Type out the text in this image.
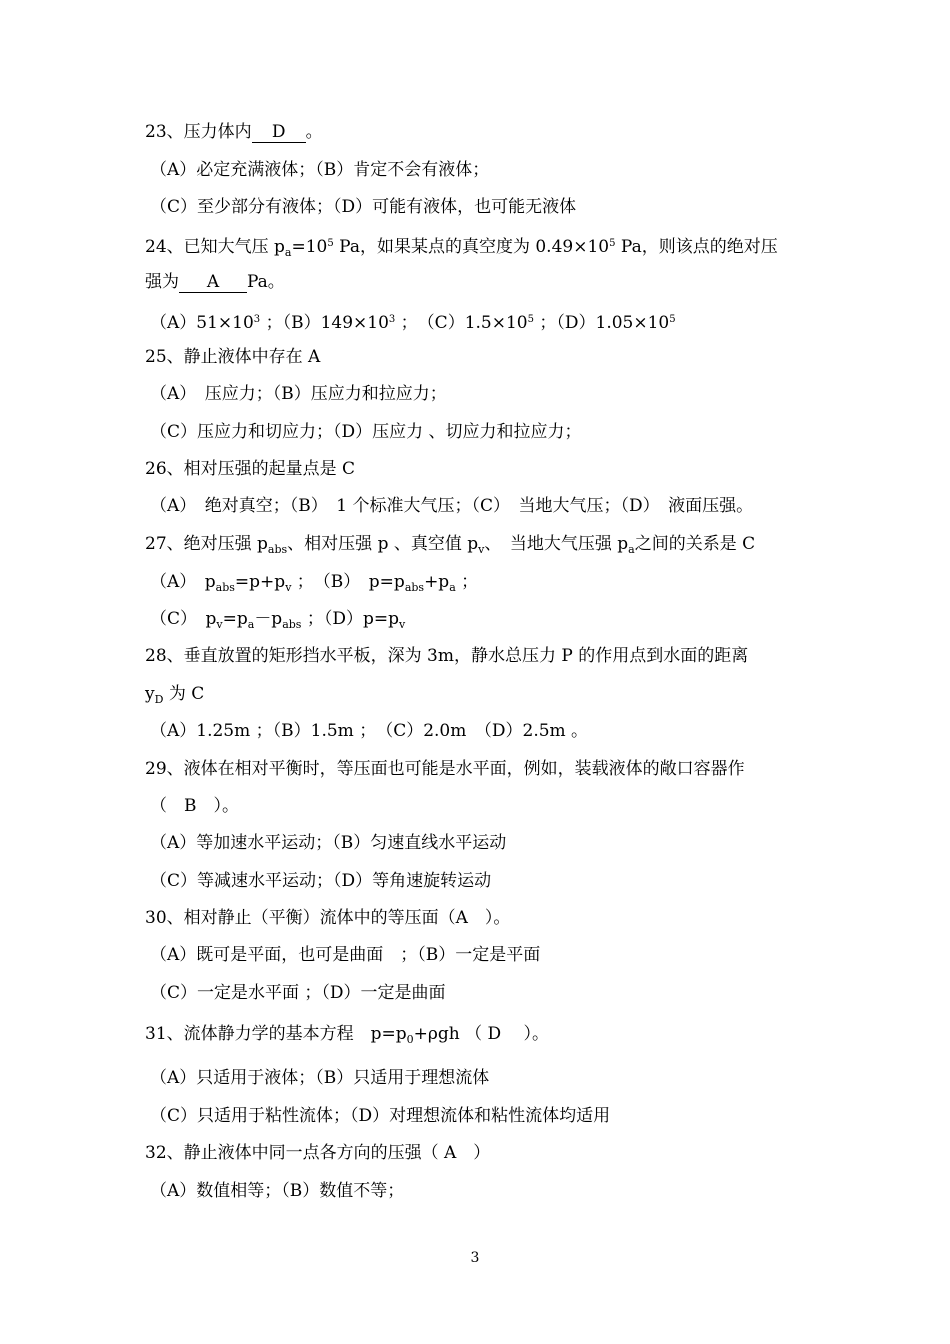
23、压力体内 D 。
（A）必定充满液体；（B）肯定不会有液体；
（C）至少部分有液体；（D）可能有液体，也可能无液体
24、已知大气压 $p_a=10^5$ Pa，如果某点的真空度为 $0.49\times 10^5$ Pa，则该点的绝对压
强为 A Pa。
$(A)51\times 10^3$ ；$(B)149\times 10^3$ ；　$(C)1.5\times 10^5$ ；$(D)1.05\times 10^5$
25、静止液体中存在 A
（A）　压应力；（B）压应力和拉应力；
（C）压应力和切应力；（D）压应力 、切应力和拉应力；
26、相对压强的起量点是 C
（A）　绝对真空；（B）　1 个标准大气压；（C）　当地大气压；（D）　液面压强。
27、绝对压强 $p_{abs}$、相对压强 p 、真空值 $p_v$、　当地大气压强 $p_a$之间的关系是 C
（A）　$p_{abs}=p+p_v$ ；　（B）　$p=p_{abs}+p_a$ ；
（C）　$p_v=p_a-p_{abs}$ ；$(D)p=p_v$
28、垂直放置的矩形挡水平板，深为 3m，静水总压力 P 的作用点到水面的距离
$y_D$ 为 C
（A）1.25m ；（B）1.5m ；　（C）2.0m　（D）2.5m 。
29、液体在相对平衡时，等压面也可能是水平面，例如，装载液体的敞口容器作
（　B　）。
（A）等加速水平运动；（B）匀速直线水平运动
（C）等减速水平运动；（D）等角速旋转运动
30、相对静止（平衡）流体中的等压面（A　）。
（A）既可是平面，也可是曲面　；（B）一定是平面
（C）一定是水平面 ；（D）一定是曲面
31、流体静力学的基本方程　$p=p_0+\rho gh$ （ D　 ）。
（A）只适用于液体；（B）只适用于理想流体
（C）只适用于粘性流体；（D）对理想流体和粘性流体均适用
32、静止液体中同一点各方向的压强（ A　）
（A）数值相等；（B）数值不等；
3
